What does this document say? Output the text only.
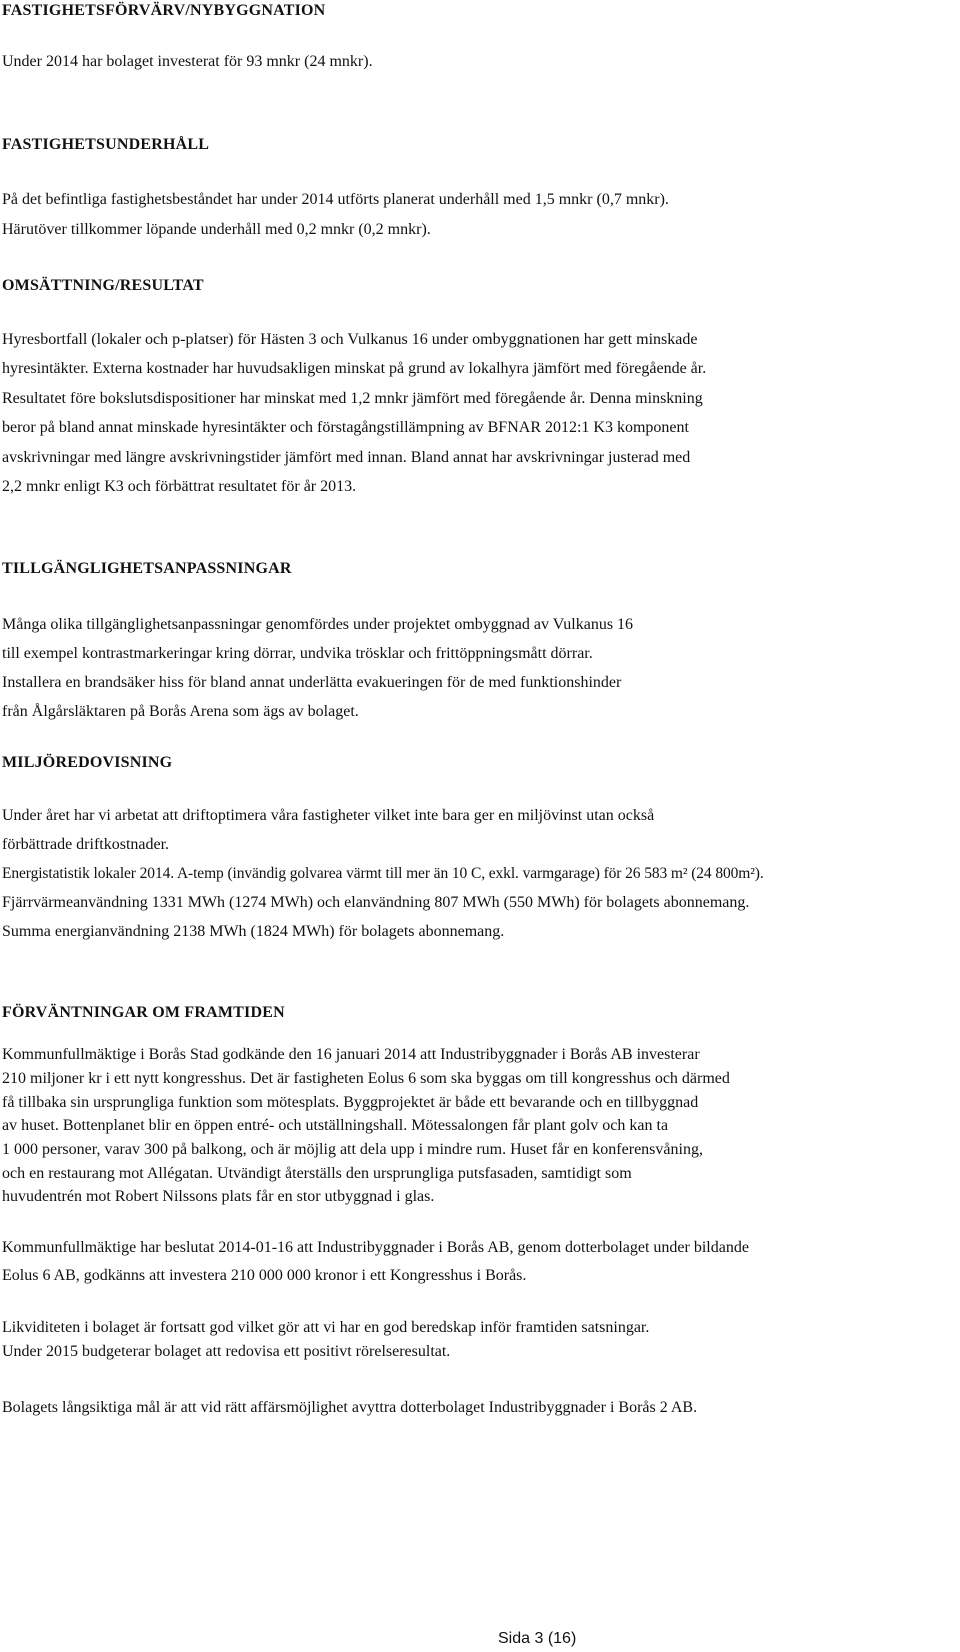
FASTIGHETSFÖRVÄRV/NYBYGGNATION

Under 2014 har bolaget investerat för 93 mnkr (24 mnkr).

FASTIGHETSUNDERHÅLL

På det befintliga fastighetsbeståndet har under 2014 utförts planerat underhåll med 1,5 mnkr (0,7 mnkr).

Härutöver tillkommer löpande underhåll med 0,2 mnkr (0,2 mnkr).

OMSÄTTNING/RESULTAT

Hyresbortfall (lokaler och p-platser) för Hästen 3 och Vulkanus 16 under ombyggnationen har gett minskade

hyresintäkter. Externa kostnader har huvudsakligen minskat på grund av lokalhyra jämfört med föregående år.

Resultatet före bokslutsdispositioner har minskat med 1,2 mnkr jämfört med föregående år. Denna minskning

beror på bland annat minskade hyresintäkter och förstagångstillämpning av BFNAR 2012:1 K3 komponent

avskrivningar med längre avskrivningstider jämfört med innan. Bland annat har avskrivningar justerad med

2,2 mnkr enligt K3 och förbättrat resultatet för år 2013.

TILLGÄNGLIGHETSANPASSNINGAR

Många olika tillgänglighetsanpassningar genomfördes under projektet ombyggnad av Vulkanus 16

till exempel kontrastmarkeringar kring dörrar, undvika trösklar och frittöppningsmått dörrar.

Installera en brandsäker hiss för bland annat underlätta evakueringen för de med funktionshinder

från Ålgårsläktaren på Borås Arena som ägs av bolaget.

MILJÖREDOVISNING

Under året har vi arbetat att driftoptimera våra fastigheter vilket inte bara ger en miljövinst utan också

förbättrade driftkostnader.

Energistatistik lokaler 2014. A-temp (invändig golvarea värmt till mer än 10 C, exkl. varmgarage) för 26 583 m² (24 800m²).

Fjärrvärmeanvändning 1331 MWh (1274 MWh) och elanvändning 807 MWh (550 MWh) för bolagets abonnemang.

Summa energianvändning 2138 MWh (1824 MWh) för bolagets abonnemang.

FÖRVÄNTNINGAR OM FRAMTIDEN

Kommunfullmäktige i Borås Stad godkände den 16 januari 2014 att Industribyggnader i Borås AB investerar

210 miljoner kr i ett nytt kongresshus. Det är fastigheten Eolus 6 som ska byggas om till kongresshus och därmed

få tillbaka sin ursprungliga funktion som mötesplats. Byggprojektet är både ett bevarande och en tillbyggnad

av huset. Bottenplanet blir en öppen entré- och utställningshall. Mötessalongen får plant golv och kan ta

1 000 personer, varav 300 på balkong, och är möjlig att dela upp i mindre rum. Huset får en konferensvåning,

och en restaurang mot Allégatan. Utvändigt återställs den ursprungliga putsfasaden, samtidigt som

huvudentrén mot Robert Nilssons plats får en stor utbyggnad i glas.

Kommunfullmäktige har beslutat 2014-01-16 att Industribyggnader i Borås AB, genom dotterbolaget under bildande

Eolus 6 AB, godkänns att investera 210 000 000 kronor i ett Kongresshus i Borås.

Likviditeten i bolaget är fortsatt god vilket gör att vi har en god beredskap inför framtiden satsningar.

Under 2015 budgeterar bolaget att redovisa ett positivt rörelseresultat.

Bolagets långsiktiga mål är att vid rätt affärsmöjlighet avyttra dotterbolaget Industribyggnader i Borås 2 AB.

Sida 3 (16)
